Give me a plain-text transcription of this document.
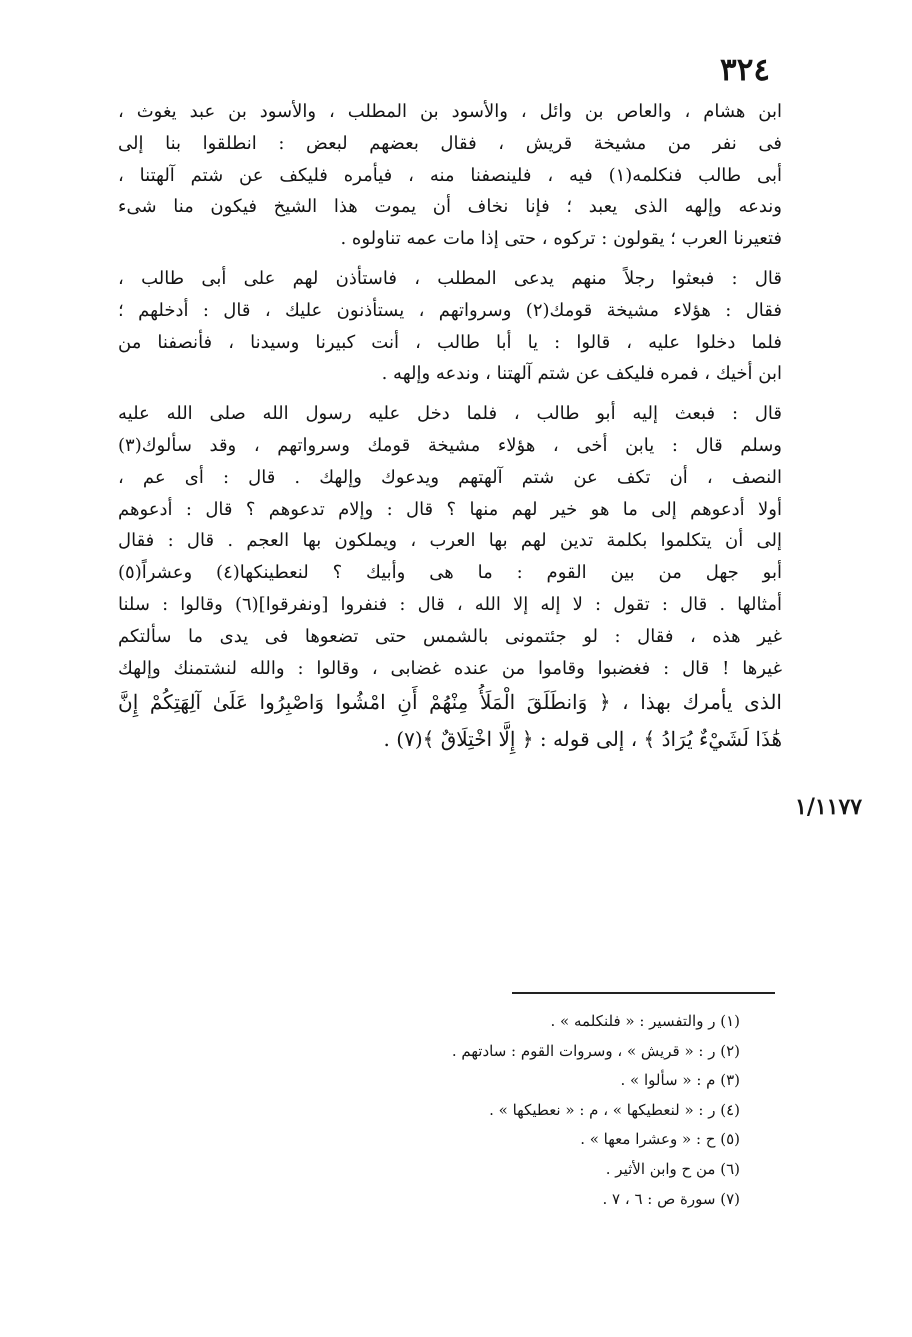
٣٢٤
١/١١٧٧
ابن هشام ، والعاص بن وائل ، والأسود بن المطلب ، والأسود بن عبد يغوث ،
فى نفر من مشيخة قريش ، فقال بعضهم لبعض : انطلقوا بنا إلى
أبى طالب فنكلمه(١) فيه ، فلينصفنا منه ، فيأمره فليكف عن شتم آلهتنا ،
وندعه وإلهه الذى يعبد ؛ فإنا نخاف أن يموت هذا الشيخ فيكون منا شىء
فتعيرنا العرب ؛ يقولون : تركوه ، حتى إذا مات عمه تناولوه .
قال : فبعثوا رجلاً منهم يدعى المطلب ، فاستأذن لهم على أبى طالب ،
فقال : هؤلاء مشيخة قومك(٢) وسرواتهم ، يستأذنون عليك ، قال : أدخلهم ؛
فلما دخلوا عليه ، قالوا : يا أبا طالب ، أنت كبيرنا وسيدنا ، فأنصفنا من
ابن أخيك ، فمره فليكف عن شتم آلهتنا ، وندعه وإلهه .
قال : فبعث إليه أبو طالب ، فلما دخل عليه رسول الله صلى الله عليه
وسلم قال : يابن أخى ، هؤلاء مشيخة قومك وسرواتهم ، وقد سألوك(٣)
النصف ، أن تكف عن شتم آلهتهم ويدعوك وإلهك . قال : أى عم ،
أولا أدعوهم إلى ما هو خير لهم منها ؟ قال : وإلام تدعوهم ؟ قال : أدعوهم
إلى أن يتكلموا بكلمة تدين لهم بها العرب ، ويملكون بها العجم . قال : فقال
أبو جهل من بين القوم : ما هى وأبيك ؟ لنعطينكها(٤) وعشراً(٥)
أمثالها . قال : تقول : لا إله إلا الله ، قال : فنفروا [ونفرقوا](٦) وقالوا : سلنا
غير هذه ، فقال : لو جئتمونى بالشمس حتى تضعوها فى يدى ما سألتكم
غيرها ! قال : فغضبوا وقاموا من عنده غضابى ، وقالوا : والله لنشتمنك وإلهك
الذى يأمرك بهذا ، ﴿ وَانطَلَقَ الْمَلَأُ مِنْهُمْ أَنِ امْشُوا وَاصْبِرُوا عَلَىٰ آلِهَتِكُمْ إِنَّ
هَٰذَا لَشَيْءٌ يُرَادُ ﴾ ، إلى قوله : ﴿ إِلَّا اخْتِلَاقٌ ﴾(٧) .
(١) ر والتفسير : « فلنكلمه » .
(٢) ر : « قريش » ، وسروات القوم : سادتهم .
(٣) م : « سألوا » .
(٤) ر : « لنعطيكها » ، م : « نعطيكها » .
(٥) ح : « وعشرا معها » .
(٦) من ح وابن الأثير .
(٧) سورة ص : ٦ ، ٧ .
